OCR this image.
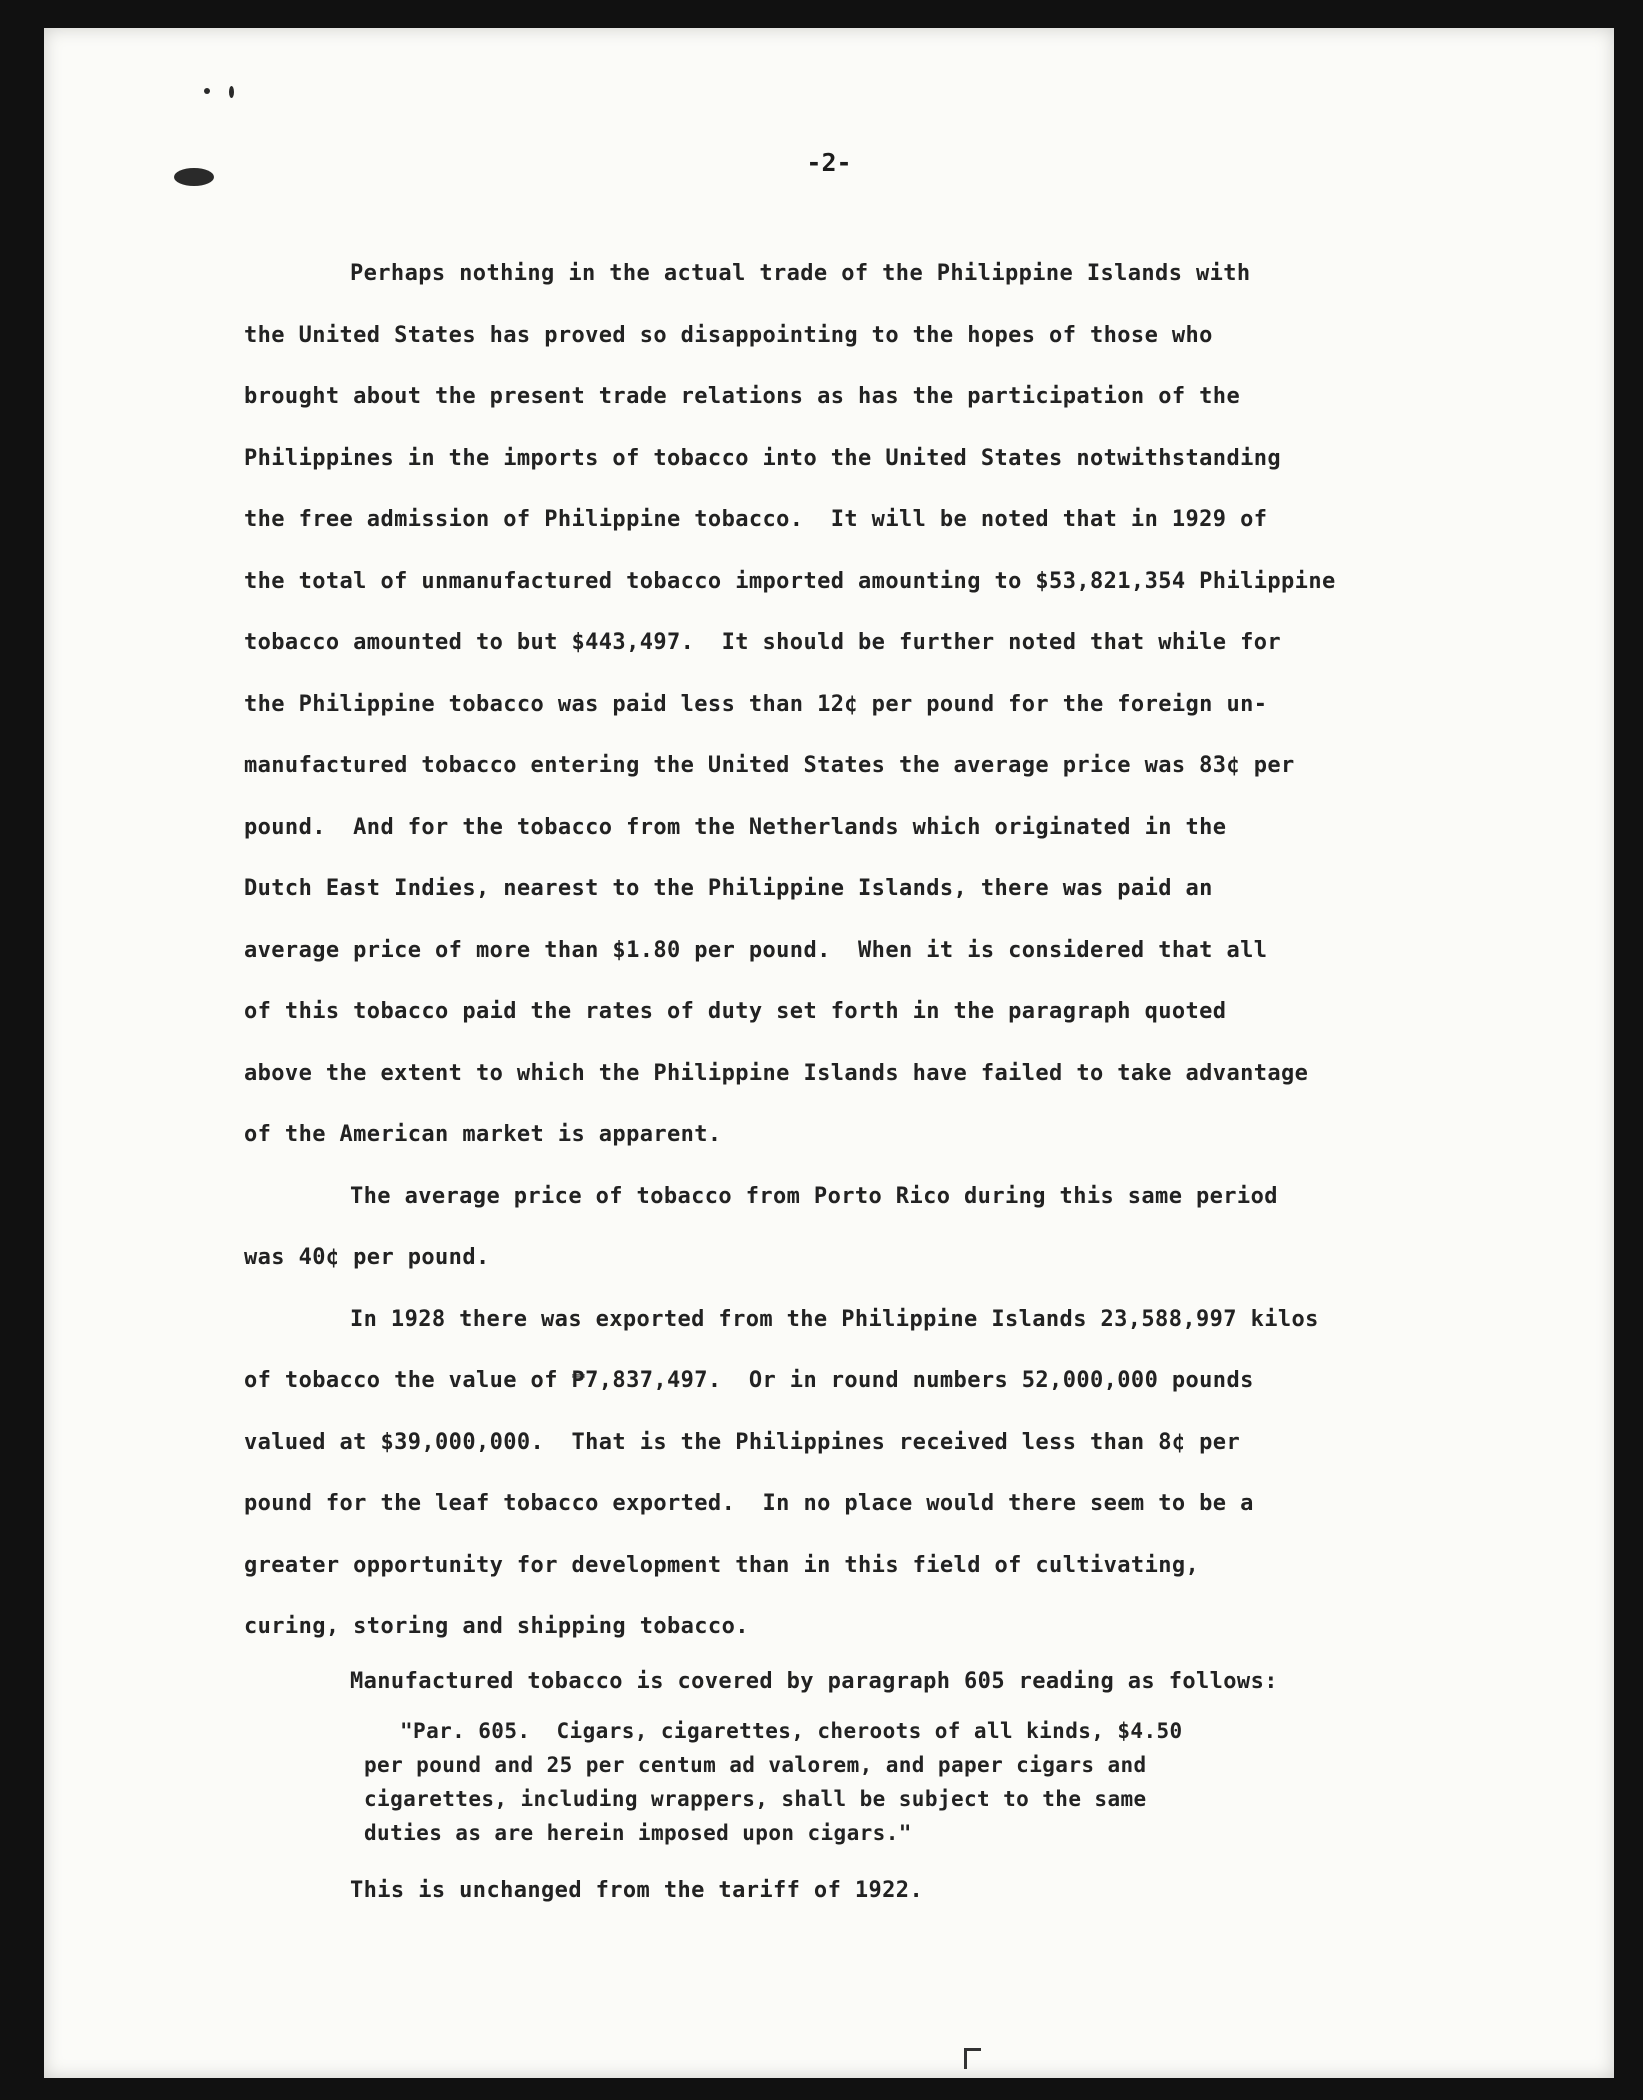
-2-
Perhaps nothing in the actual trade of the Philippine Islands with
the United States has proved so disappointing to the hopes of those who
brought about the present trade relations as has the participation of the
Philippines in the imports of tobacco into the United States notwithstanding
the free admission of Philippine tobacco.  It will be noted that in 1929 of
the total of unmanufactured tobacco imported amounting to $53,821,354 Philippine
tobacco amounted to but $443,497.  It should be further noted that while for
the Philippine tobacco was paid less than 12¢ per pound for the foreign un-
manufactured tobacco entering the United States the average price was 83¢ per
pound.  And for the tobacco from the Netherlands which originated in the
Dutch East Indies, nearest to the Philippine Islands, there was paid an
average price of more than $1.80 per pound.  When it is considered that all
of this tobacco paid the rates of duty set forth in the paragraph quoted
above the extent to which the Philippine Islands have failed to take advantage
of the American market is apparent.
The average price of tobacco from Porto Rico during this same period
was 40¢ per pound.
In 1928 there was exported from the Philippine Islands 23,588,997 kilos
of tobacco the value of ₱7,837,497.  Or in round numbers 52,000,000 pounds
valued at $39,000,000.  That is the Philippines received less than 8¢ per
pound for the leaf tobacco exported.  In no place would there seem to be a
greater opportunity for development than in this field of cultivating,
curing, storing and shipping tobacco.
Manufactured tobacco is covered by paragraph 605 reading as follows:
"Par. 605.  Cigars, cigarettes, cheroots of all kinds, $4.50
per pound and 25 per centum ad valorem, and paper cigars and
cigarettes, including wrappers, shall be subject to the same
duties as are herein imposed upon cigars."
This is unchanged from the tariff of 1922.
